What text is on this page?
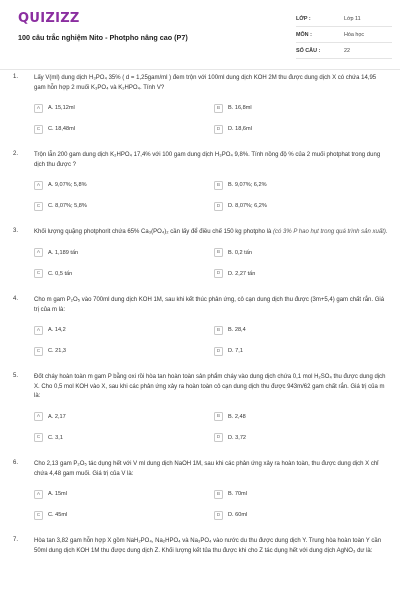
QUIZIZZ
100 câu trắc nghiệm Nito - Photpho nâng cao (P7)
LỚP :	Lớp 11
MÔN :	Hóa học
SỐ CÂU :	22
1.	Lấy V(ml) dung dịch H₃PO₄ 35% ( d = 1,25gam/ml ) đem trộn với 100ml dung dịch KOH 2M thu được dung dịch X có chứa 14,95 gam hỗn hợp 2 muối K₃PO₄ và K₂HPO₄. Tính V?
A	A. 15,12ml	B	B. 16,8ml
C	C. 18,48ml	D	D. 18,6ml
2.	Trộn lẫn 200 gam dung dịch K₂HPO₄ 17,4% với 100 gam dung dịch H₃PO₄ 9,8%. Tính nồng độ % của 2 muối photphat trong dung dịch thu được ?
A	A. 9,07%; 5,8%	B	B. 9,07%; 6,2%
C	C. 8,07%; 5,8%	D	D. 8,07%; 6,2%
3.	Khối lượng quặng photphorit chứa 65% Ca₃(PO₄)₂ cần lấy để điều chế 150 kg photpho là (có 3% P hao hụt trong quá trình sản xuất).
A	A. 1,189 tấn	B	B. 0,2 tấn
C	C. 0,5 tấn	D	D. 2,27 tấn
4.	Cho m gam P₂O₅ vào 700ml dung dịch KOH 1M, sau khi kết thúc phản ứng, cô cạn dung dịch thu được (3m+5,4) gam chất rắn. Giá trị của m là:
A	A. 14,2	B	B. 28,4
C	C. 21,3	D	D. 7,1
5.	Đốt cháy hoàn toàn m gam P bằng oxi rồi hòa tan hoàn toàn sản phẩm cháy vào dung dịch chứa 0,1 mol H₂SO₄ thu được dung dịch X. Cho 0,5 mol KOH vào X, sau khi các phản ứng xảy ra hoàn toàn cô cạn dung dịch thu được 943m/62 gam chất rắn. Giá trị của m là:
A	A. 2,17	B	B. 2,48
C	C. 3,1	D	D. 3,72
6.	Cho 2,13 gam P₂O₅ tác dụng hết với V ml dung dịch NaOH 1M, sau khi các phản ứng xảy ra hoàn toàn, thu được dung dịch X chỉ chứa 4,48 gam muối. Giá trị của V là:
A	A. 15ml	B	B. 70ml
C	C. 45ml	D	D. 60ml
7.	Hòa tan 3,82 gam hỗn hợp X gồm NaH₂PO₄, Na₂HPO₄ và Na₃PO₄ vào nước du thu được dung dịch Y. Trung hòa hoàn toàn Y cần 50ml dung dịch KOH 1M thu được dung dịch Z. Khối lượng kết tủa thu được khi cho Z tác dụng hết với dung dịch AgNO₃ dư là:
